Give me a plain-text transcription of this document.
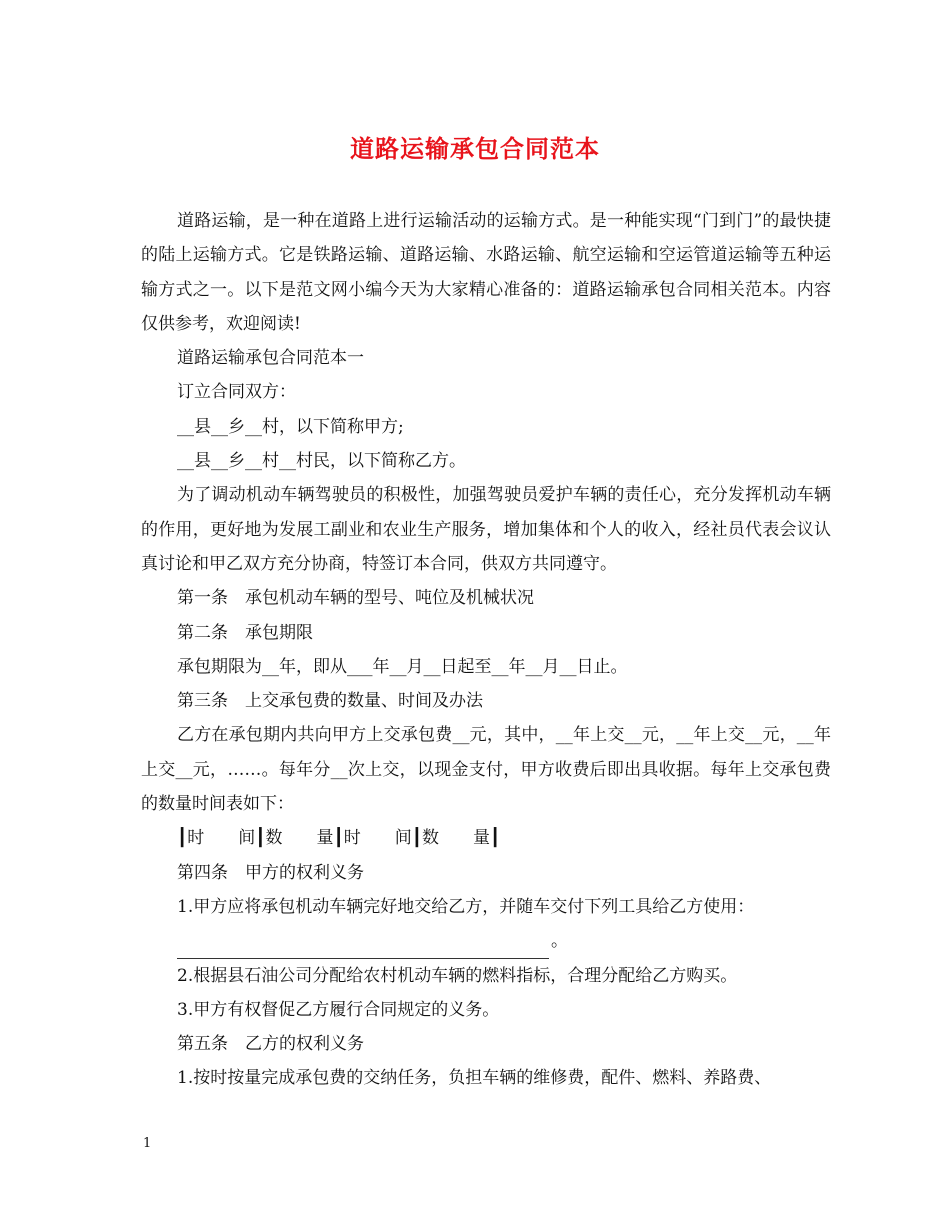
道路运输承包合同范本

道路运输，是一种在道路上进行运输活动的运输方式。是一种能实现“门到门”的最快捷的陆上运输方式。它是铁路运输、道路运输、水路运输、航空运输和空运管道运输等五种运输方式之一。以下是范文网小编今天为大家精心准备的：道路运输承包合同相关范本。内容仅供参考，欢迎阅读!

道路运输承包合同范本一

订立合同双方：

__县__乡__村，以下简称甲方;

__县__乡__村__村民，以下简称乙方。

为了调动机动车辆驾驶员的积极性，加强驾驶员爱护车辆的责任心，充分发挥机动车辆的作用，更好地为发展工副业和农业生产服务，增加集体和个人的收入，经社员代表会议认真讨论和甲乙双方充分协商，特签订本合同，供双方共同遵守。

第一条　承包机动车辆的型号、吨位及机械状况

第二条　承包期限

承包期限为__年，即从___年__月__日起至__年__月__日止。

第三条　上交承包费的数量、时间及办法

乙方在承包期内共向甲方上交承包费__元，其中，__年上交__元，__年上交__元，__年上交__元，……。每年分__次上交，以现金支付，甲方收费后即出具收据。每年上交承包费的数量时间表如下：

┃时　　间┃数　　量┃时　　间┃数　　量┃

第四条　甲方的权利义务

1.甲方应将承包机动车辆完好地交给乙方，并随车交付下列工具给乙方使用：

。

2.根据县石油公司分配给农村机动车辆的燃料指标，合理分配给乙方购买。

3.甲方有权督促乙方履行合同规定的义务。

第五条　乙方的权利义务

1.按时按量完成承包费的交纳任务，负担车辆的维修费，配件、燃料、养路费、

1
